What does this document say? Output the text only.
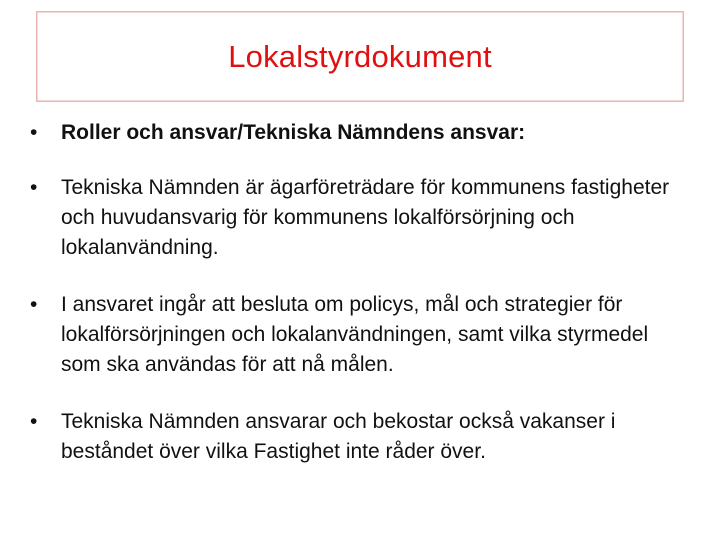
Lokalstyrdokument
•	Roller och ansvar/Tekniska Nämndens ansvar:
•	Tekniska Nämnden är ägarföreträdare för kommunens fastigheter och huvudansvarig för kommunens lokalförsörjning och lokalanvändning.
•	I ansvaret ingår att besluta om policys, mål och strategier för lokalförsörjningen och lokalanvändningen, samt vilka styrmedel som ska användas för att nå målen.
•	Tekniska Nämnden ansvarar och bekostar också vakanser i beståndet över vilka Fastighet inte råder över.
